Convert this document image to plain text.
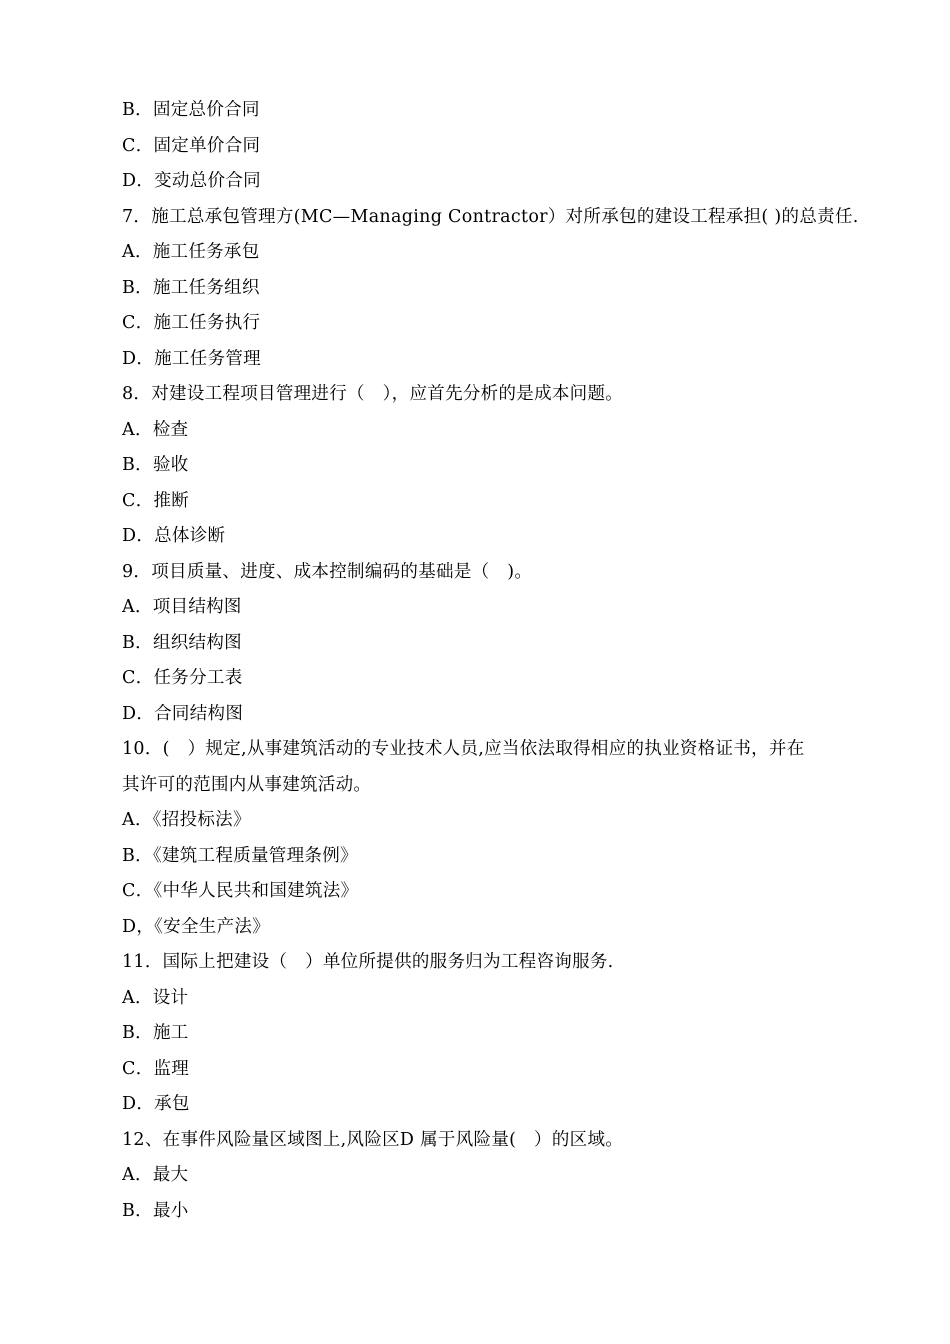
B．固定总价合同
C．固定单价合同
D．变动总价合同
7．施工总承包管理方(MC—Managing Contractor）对所承包的建设工程承担( )的总责任.
A．施工任务承包
B．施工任务组织
C．施工任务执行
D．施工任务管理
8．对建设工程项目管理进行（　），应首先分析的是成本问题。
A．检查
B．验收
C．推断
D．总体诊断
9．项目质量、进度、成本控制编码的基础是（　)。
A．项目结构图
B．组织结构图
C．任务分工表
D．合同结构图
10．(　）规定,从事建筑活动的专业技术人员,应当依法取得相应的执业资格证书，并在
其许可的范围内从事建筑活动。
A．《招投标法》
B．《建筑工程质量管理条例》
C．《中华人民共和国建筑法》
D，《安全生产法》
11．国际上把建设（　）单位所提供的服务归为工程咨询服务.
A．设计
B．施工
C．监理
D．承包
12、在事件风险量区域图上,风险区D 属于风险量(　）的区域。
A．最大
B．最小
